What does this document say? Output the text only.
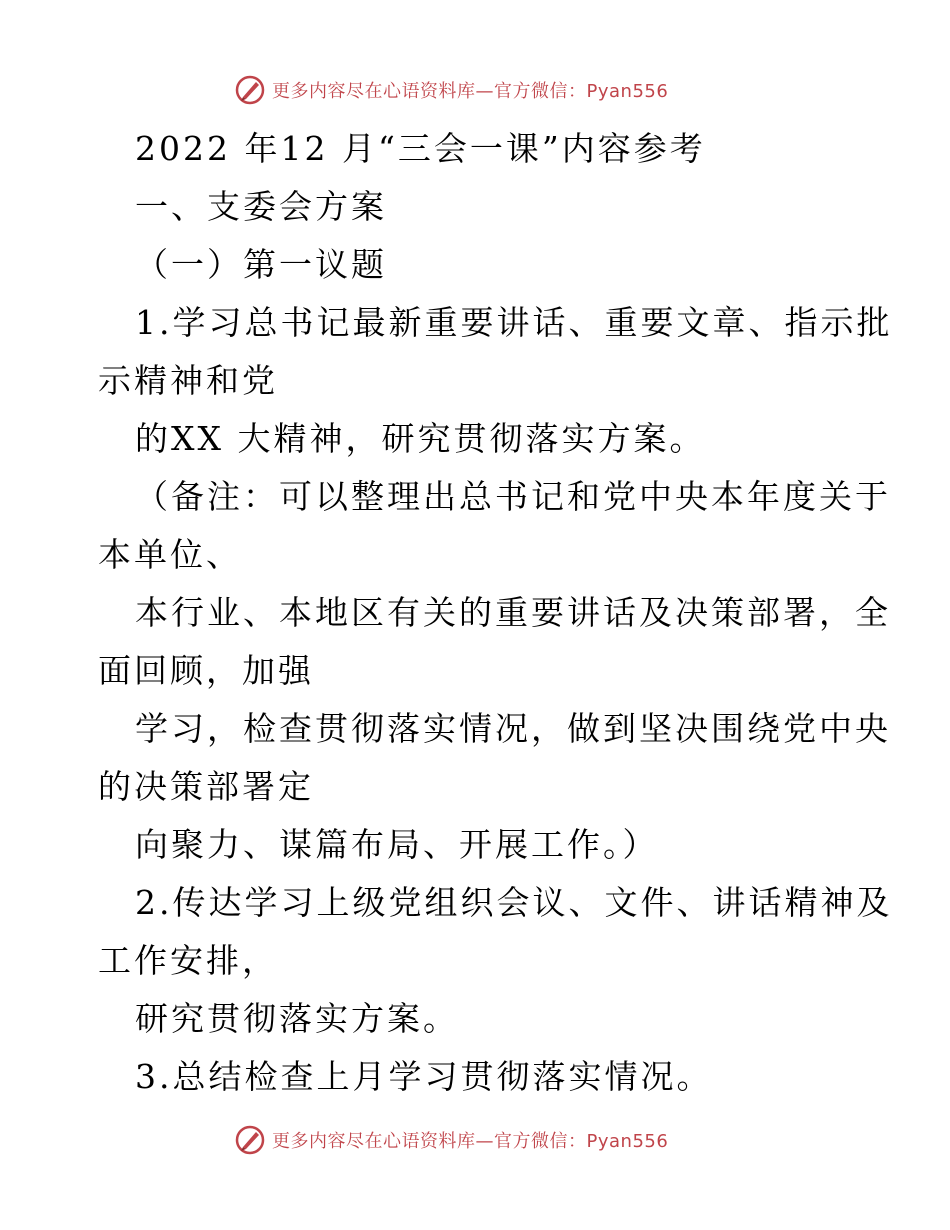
更多内容尽在心语资料库—官方微信：Pyan556
2022 年12 月“三会一课”内容参考
一、支委会方案
（一）第一议题
1.学习总书记最新重要讲话、重要文章、指示批
示精神和党
的XX 大精神，研究贯彻落实方案。
（备注：可以整理出总书记和党中央本年度关于
本单位、
本行业、本地区有关的重要讲话及决策部署，全
面回顾，加强
学习，检查贯彻落实情况，做到坚决围绕党中央
的决策部署定
向聚力、谋篇布局、开展工作。）
2.传达学习上级党组织会议、文件、讲话精神及
工作安排，
研究贯彻落实方案。
3.总结检查上月学习贯彻落实情况。
更多内容尽在心语资料库—官方微信：Pyan556
